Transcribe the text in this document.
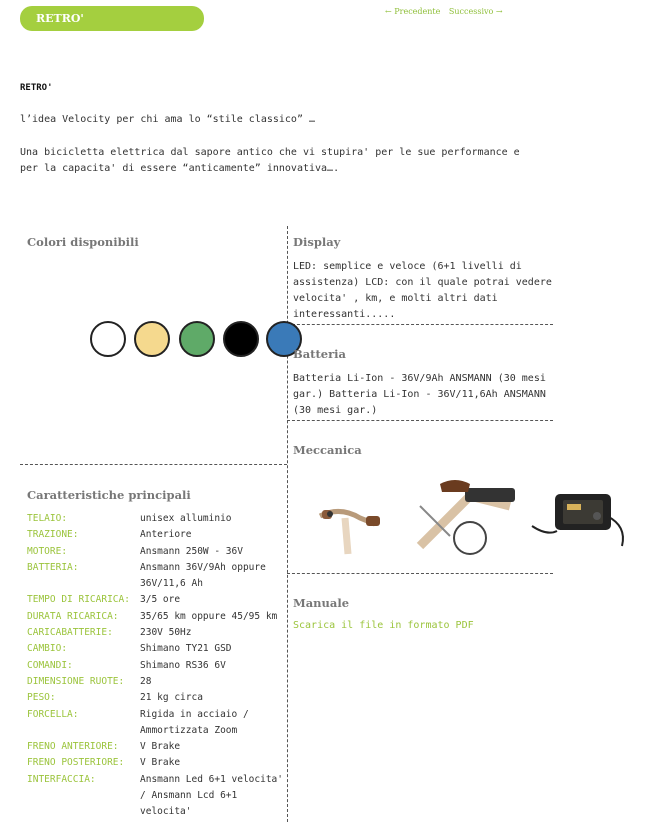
RETRO'
← Precedente Successivo →
RETRO'

l’idea Velocity per chi ama lo “stile classico” …

Una bicicletta elettrica dal sapore antico che vi stupira' per le sue performance e per la capacita' di essere “anticamente” innovativa….

Colori disponibili	Display

LED: semplice e veloce (6+1 livelli di assistenza) LCD: con il quale potrai vedere velocita' , km, e molti altri dati interessanti.....

Batteria

Batteria Li-Ion - 36V/9Ah ANSMANN (30 mesi gar.) Batteria Li-Ion - 36V/11,6Ah ANSMANN (30 mesi gar.)

Meccanica
Manuale
Scarica il file in formato PDF
Caratteristiche principali
TELAIO:	unisex alluminio
TRAZIONE:	Anteriore
MOTORE:	Ansmann 250W - 36V
BATTERIA:	Ansmann 36V/9Ah oppure 36V/11,6 Ah
TEMPO DI RICARICA:	3/5 ore
DURATA RICARICA:	35/65 km oppure 45/95 km
CARICABATTERIE:	230V 50Hz
CAMBIO:	Shimano TY21 GSD
COMANDI:	Shimano RS36 6V
DIMENSIONE RUOTE:	28
PESO:	21 kg circa
FORCELLA:	Rigida in acciaio / Ammortizzata Zoom
FRENO ANTERIORE:	V Brake
FRENO POSTERIORE:	V Brake
INTERFACCIA:	Ansmann Led 6+1 velocita' / Ansmann Lcd 6+1 velocita'
